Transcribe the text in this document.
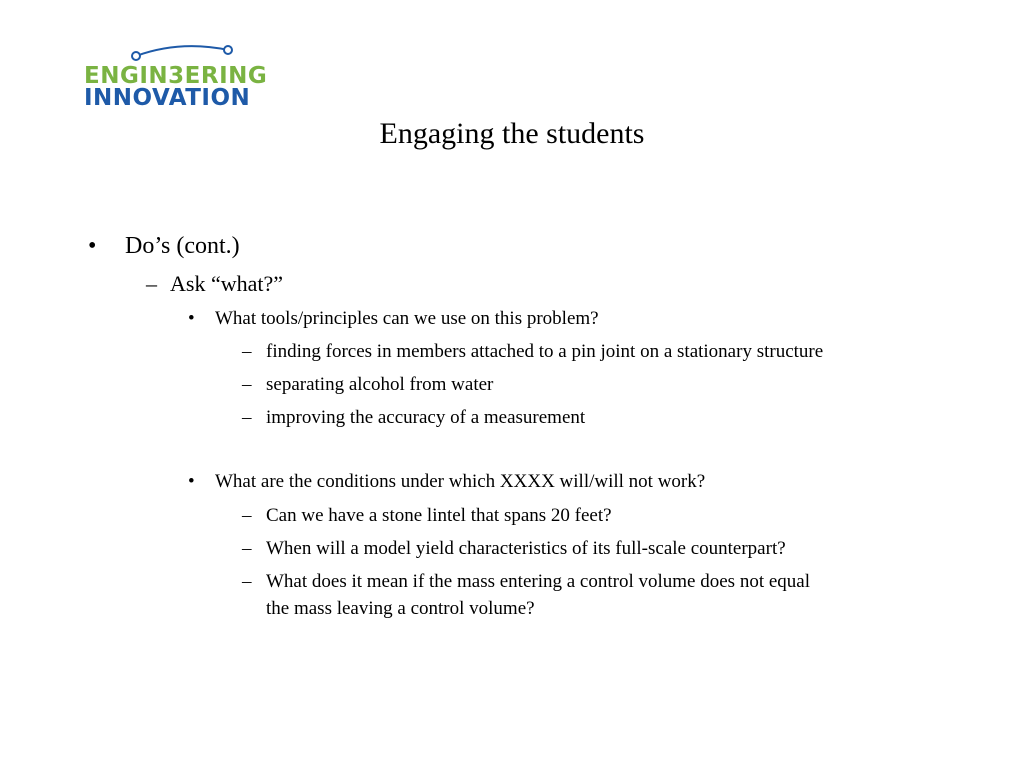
ENGIN3ERING
INNOVATION
Engaging the students
• Do’s (cont.)
– Ask “what?”
• What tools/principles can we use on this problem?
– finding forces in members attached to a pin joint on a stationary structure
– separating alcohol from water
– improving the accuracy of a measurement
• What are the conditions under which XXXX will/will not work?
– Can we have a stone lintel that spans 20 feet?
– When will a model yield characteristics of its full-scale counterpart?
– What does it mean if the mass entering a control volume does not equal
the mass leaving a control volume?
